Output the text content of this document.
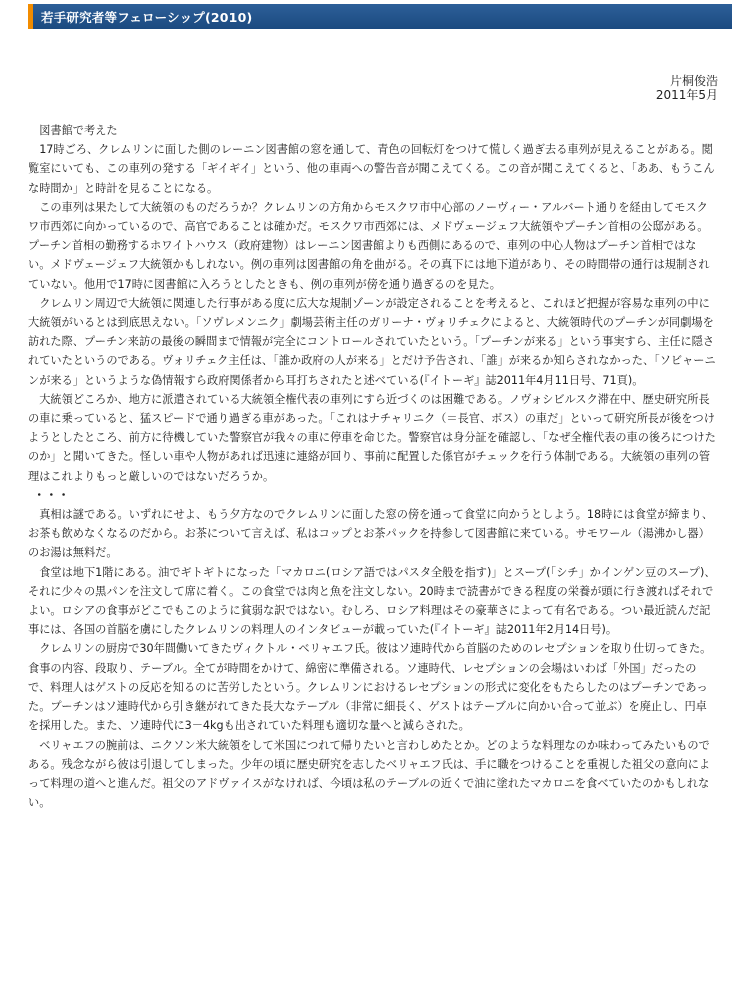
若手研究者等フェローシップ(2010)
片桐俊浩
2011年5月

図書館で考えた

17時ごろ、クレムリンに面した側のレーニン図書館の窓を通して、青色の回転灯をつけて慌しく過ぎ去る車列が見えることがある。閲覧室にいても、この車列の発する「ギイギイ」という、他の車両への警告音が聞こえてくる。この音が聞こえてくると、「ああ、もうこんな時間か」と時計を見ることになる。

この車列は果たして大統領のものだろうか？クレムリンの方角からモスクワ市中心部のノーヴィー・アルバート通りを経由してモスクワ市西郊に向かっているので、高官であることは確かだ。モスクワ市西郊には、メドヴェージェフ大統領やプーチン首相の公邸がある。プーチン首相の勤務するホワイトハウス（政府建物）はレーニン図書館よりも西側にあるので、車列の中心人物はプーチン首相ではない。メドヴェージェフ大統領かもしれない。例の車列は図書館の角を曲がる。その真下には地下道があり、その時間帯の通行は規制されていない。他用で17時に図書館に入ろうとしたときも、例の車列が傍を通り過ぎるのを見た。

クレムリン周辺で大統領に関連した行事がある度に広大な規制ゾーンが設定されることを考えると、これほど把握が容易な車列の中に大統領がいるとは到底思えない。「ソヴレメンニク」劇場芸術主任のガリーナ・ヴォリチェクによると、大統領時代のプーチンが同劇場を訪れた際、プーチン来訪の最後の瞬間まで情報が完全にコントロールされていたという。「プーチンが来る」という事実すら、主任に隠されていたというのである。ヴォリチェク主任は、「誰か政府の人が来る」とだけ予告され、「誰」が来るか知らされなかった、「ソビャーニンが来る」というような偽情報すら政府関係者から耳打ちされたと述べている(『イトーギ』誌2011年4月11日号、71頁)。

大統領どころか、地方に派遣されている大統領全権代表の車列にすら近づくのは困難である。ノヴォシビルスク滞在中、歴史研究所長の車に乗っていると、猛スピードで通り過ぎる車があった。「これはナチャリニク（＝長官、ボス）の車だ」といって研究所長が後をつけようとしたところ、前方に待機していた警察官が我々の車に停車を命じた。警察官は身分証を確認し、「なぜ全権代表の車の後ろにつけたのか」と聞いてきた。怪しい車や人物があれば迅速に連絡が回り、事前に配置した係官がチェックを行う体制である。大統領の車列の管理はこれよりもっと厳しいのではないだろうか。

・・・

真相は謎である。いずれにせよ、もう夕方なのでクレムリンに面した窓の傍を通って食堂に向かうとしよう。18時には食堂が締まり、お茶も飲めなくなるのだから。お茶について言えば、私はコップとお茶パックを持参して図書館に来ている。サモワール（湯沸かし器）のお湯は無料だ。

食堂は地下1階にある。油でギトギトになった「マカロニ(ロシア語ではパスタ全般を指す)」とスープ(「シチ」かインゲン豆のスープ)、それに少々の黒パンを注文して席に着く。この食堂では肉と魚を注文しない。20時まで読書ができる程度の栄養が頭に行き渡ればそれでよい。ロシアの食事がどこでもこのように貧弱な訳ではない。むしろ、ロシア料理はその豪華さによって有名である。つい最近読んだ記事には、各国の首脳を虜にしたクレムリンの料理人のインタビューが載っていた(『イトーギ』誌2011年2月14日号)。

クレムリンの厨房で30年間働いてきたヴィクトル・ベリャエフ氏。彼はソ連時代から首脳のためのレセプションを取り仕切ってきた。食事の内容、段取り、テーブル。全てが時間をかけて、綿密に準備される。ソ連時代、レセプションの会場はいわば「外国」だったので、料理人はゲストの反応を知るのに苦労したという。クレムリンにおけるレセプションの形式に変化をもたらしたのはプーチンであった。プーチンはソ連時代から引き継がれてきた長大なテーブル（非常に細長く、ゲストはテーブルに向かい合って並ぶ）を廃止し、円卓を採用した。また、ソ連時代に3－4kgも出されていた料理も適切な量へと減らされた。

ベリャエフの腕前は、ニクソン米大統領をして米国につれて帰りたいと言わしめたとか。どのような料理なのか味わってみたいものである。残念ながら彼は引退してしまった。少年の頃に歴史研究を志したベリャエフ氏は、手に職をつけることを重視した祖父の意向によって料理の道へと進んだ。祖父のアドヴァイスがなければ、今頃は私のテーブルの近くで油に塗れたマカロニを食べていたのかもしれない。
